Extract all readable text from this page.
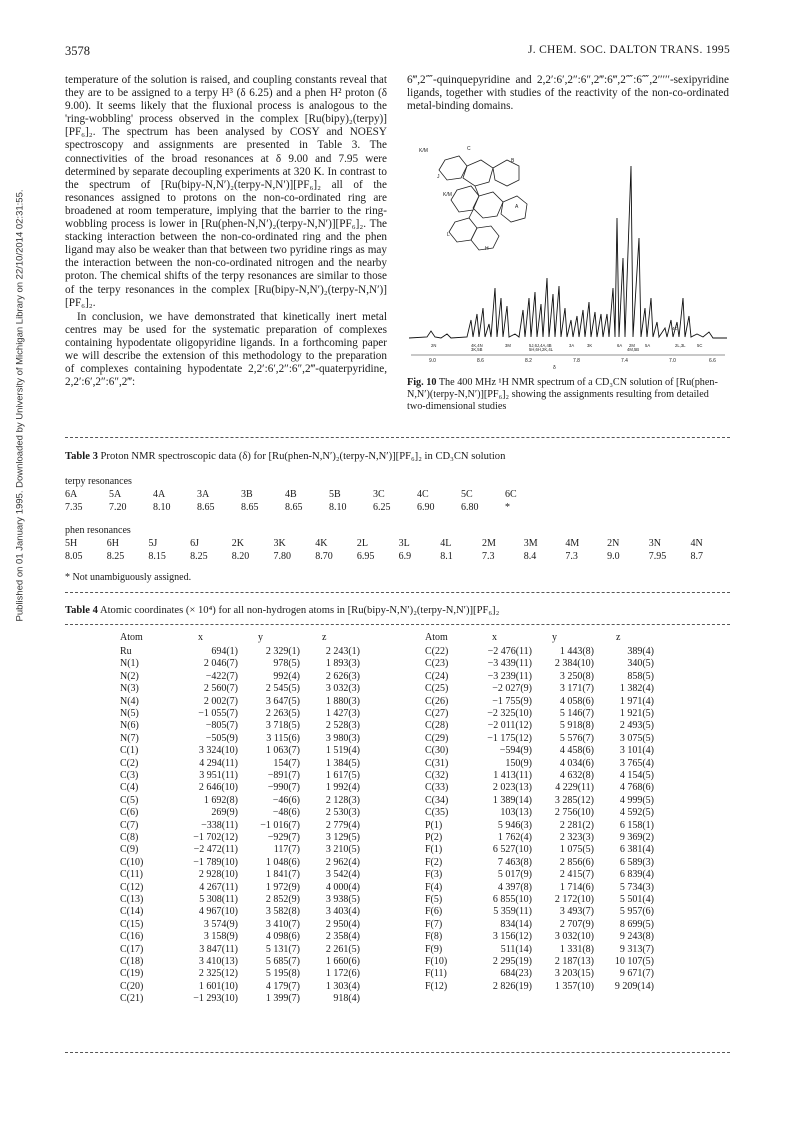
3578	J. CHEM. SOC. DALTON TRANS. 1995
Published on 01 January 1995. Downloaded by University of Michigan Library on 22/10/2014 02:31:55.

temperature of the solution is raised, and coupling constants reveal that they are to be assigned to a terpy H³ (δ 6.25) and a phen H² proton (δ 9.00). It seems likely that the fluxional process is analogous to the 'ring-wobbling' process observed in the complex [Ru(bipy)₂(terpy)][PF₆]₂. The spectrum has been analysed by COSY and NOESY spectroscopy and assignments are presented in Table 3. The connectivities of the broad resonances at δ 9.00 and 7.95 were determined by separate decoupling experiments at 320 K. In contrast to the spectrum of [Ru(bipy-N,N′)₂(terpy-N,N′)][PF₆]₂ all of the resonances assigned to protons on the non-co-ordinated ring are broadened at room temperature, implying that the barrier to the ring-wobbling process is lower in [Ru(phen-N,N′)₂(terpy-N,N′)][PF₆]₂. The stacking interaction between the non-co-ordinated ring and the phen ligand may also be weaker than that between two pyridine rings as may the interaction between the non-co-ordinated nitrogen and the nearby proton. The chemical shifts of the terpy resonances are similar to those of the terpy resonances in the complex [Ru(bipy-N,N′)₂(terpy-N,N′)][PF₆]₂.

In conclusion, we have demonstrated that kinetically inert metal centres may be used for the systematic preparation of complexes containing hypodentate oligopyridine ligands. In a forthcoming paper we will describe the extension of this methodology to the preparation of complexes containing hypodentate 2,2′:6′,2″:6″,2‴-quaterpyridine, 2,2′:6′,2″:6″,2‴:

6‴,2⁗-quinquepyridine and 2,2′:6′,2″:6″,2‴:6‴,2⁗:6⁗,2′′′′′-sexipyridine ligands, together with studies of the reactivity of the non-co-ordinated metal-binding domains.

K/M	C
B
J
K/M
A
L
H
2N	4K,4N
3K,5B
3M	5J,6J,4A,4B
5H,6H,2K,4L
3A	3K	6A 2M 5A
4M,5B
4C
2L,3L	5C
9.0	8.6	8.2	7.8	7.4	7.0	6.6
δ
Fig. 10 The 400 MHz ¹H NMR spectrum of a CD₃CN solution of [Ru(phen-N,N′)(terpy-N,N′)][PF₆]₂ showing the assignments resulting from detailed two-dimensional studies
Table 3 Proton NMR spectroscopic data (δ) for [Ru(phen-N,N′)₂(terpy-N,N′)][PF₆]₂ in CD₃CN solution
terpy resonances
6A	5A	4A	3A	3B	4B	5B	3C	4C	5C	6C
7.35	7.20	8.10	8.65	8.65	8.65	8.10	6.25	6.90	6.80	*
phen resonances
5H	6H	5J	6J	2K	3K	4K	2L	3L	4L	2M	3M	4M	2N	3N	4N
8.05 8.25 8.15 8.25 8.20 7.80 8.70 6.95 6.9	8.1	7.3	8.4	7.3	9.0	7.95 8.7
* Not unambiguously assigned.
Table 4 Atomic coordinates (× 10⁴) for all non-hydrogen atoms in [Ru(bipy-N,N′)₂(terpy-N,N′)][PF₆]₂
Atom	x	y	z	Atom	x	y	z
Ru	694(1)	2 329(1)	2 243(1)
N(1)	2 046(7)	978(5)	1 893(3)
N(2)	−422(7)	992(4)	2 626(3)
N(3)	2 560(7)	2 545(5)	3 032(3)
N(4)	2 002(7)	3 647(5)	1 880(3)
N(5)	−1 055(7)	2 263(5)	1 427(3)
N(6)	−805(7)	3 718(5)	2 528(3)
N(7)	−505(9)	3 115(6)	3 980(3)
C(1)	3 324(10)	1 063(7)	1 519(4)
C(2)	4 294(11)	154(7)	1 384(5)
C(3)	3 951(11)	−891(7)	1 617(5)
C(4)	2 646(10)	−990(7)	1 992(4)
C(5)	1 692(8)	−46(6)	2 128(3)
C(6)	269(9)	−48(6)	2 530(3)
C(7)	−338(11) −1 016(7)	2 779(4)
C(8)	−1 702(12)	−929(7)	3 129(5)
C(9)	−2 472(11)	117(7)	3 210(5)
C(10)	−1 789(10)	1 048(6)	2 962(4)
C(11)	2 928(10)	1 841(7)	3 542(4)
C(12)	4 267(11)	1 972(9)	4 000(4)
C(13)	5 308(11)	2 852(9)	3 938(5)
C(14)	4 967(10)	3 582(8)	3 403(4)
C(15)	3 574(9)	3 410(7)	2 950(4)
C(16)	3 158(9)	4 098(6)	2 358(4)
C(17)	3 847(11)	5 131(7)	2 261(5)
C(18)	3 410(13)	5 685(7)	1 660(6)
C(19)	2 325(12)	5 195(8)	1 172(6)
C(20)	1 601(10)	4 179(7)	1 303(4)
C(21)	−1 293(10)	1 399(7)	918(4)
C(22)	−2 476(11)	1 443(8)	389(4)
C(23)	−3 439(11) 2 384(10)	340(5)
C(24)	−3 239(11)	3 250(8)	858(5)
C(25)	−2 027(9)	3 171(7)	1 382(4)
C(26)	−1 755(9)	4 058(6)	1 971(4)
C(27)	−2 325(10)	5 146(7)	1 921(5)
C(28)	−2 011(12)	5 918(8)	2 493(5)
C(29)	−1 175(12)	5 576(7)	3 075(5)
C(30)	−594(9)	4 458(6)	3 101(4)
C(31)	150(9)	4 034(6)	3 765(4)
C(32)	1 413(11)	4 632(8)	4 154(5)
C(33)	2 023(13) 4 229(11)	4 768(6)
C(34)	1 389(14) 3 285(12)	4 999(5)
C(35)	103(13) 2 756(10)	4 592(5)
P(1)	5 946(3)	2 281(2)	6 158(1)
P(2)	1 762(4)	2 323(3)	9 369(2)
F(1)	6 527(10)	1 075(5)	6 381(4)
F(2)	7 463(8)	2 856(6)	6 589(3)
F(3)	5 017(9)	2 415(7)	6 839(4)
F(4)	4 397(8)	1 714(6)	5 734(3)
F(5)	6 855(10) 2 172(10)	5 501(4)
F(6)	5 359(11)	3 493(7)	5 957(6)
F(7)	834(14)	2 707(9)	8 699(5)
F(8)	3 156(12) 3 032(10)	9 243(8)
F(9)	511(14)	1 331(8)	9 313(7)
F(10)	2 295(19) 2 187(13) 10 107(5)
F(11)	684(23) 3 203(15)	9 671(7)
F(12)	2 826(19) 1 357(10) 9 209(14)
